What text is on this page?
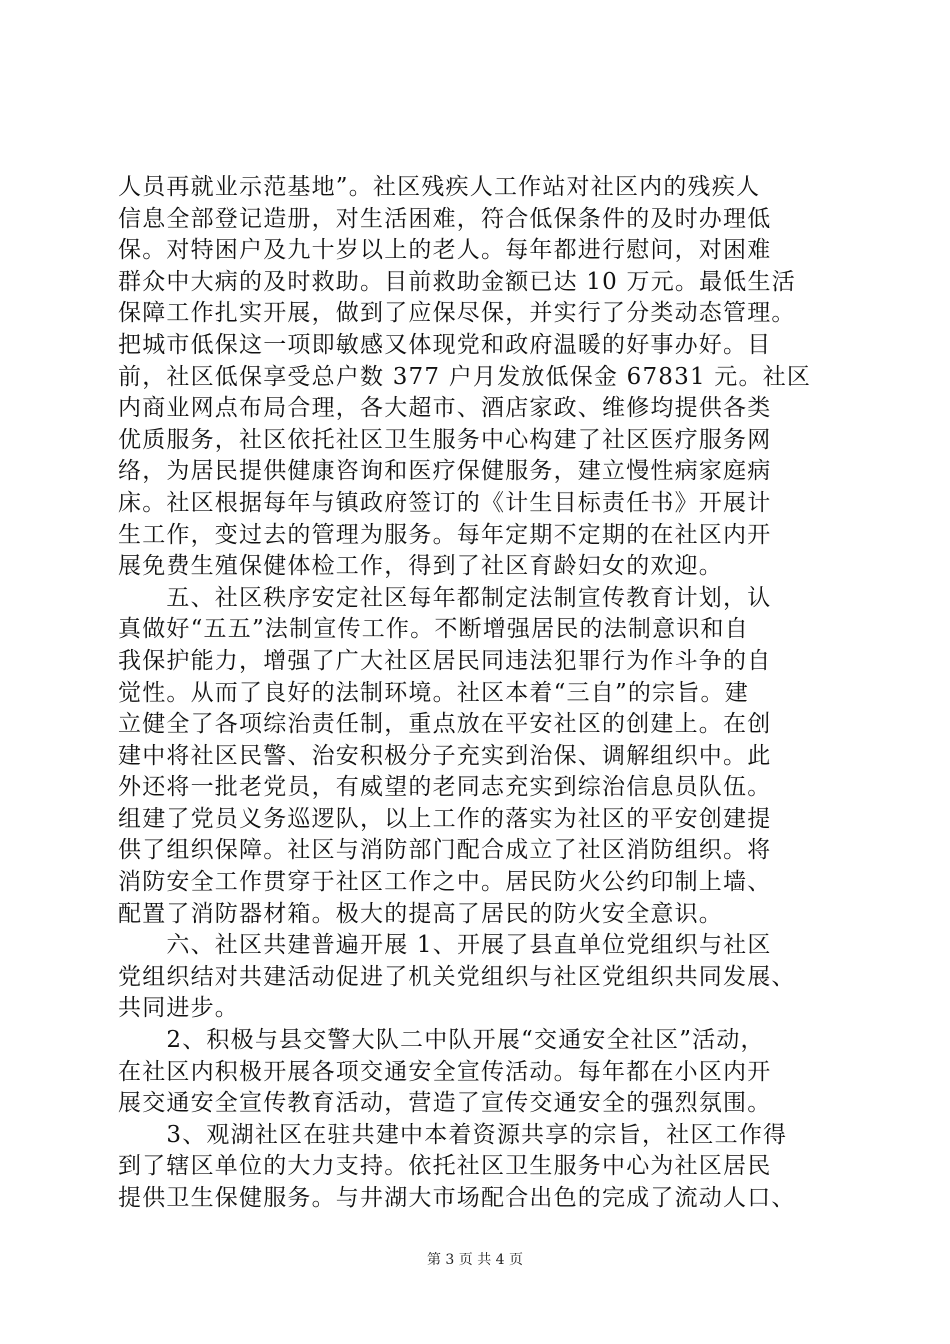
人员再就业示范基地”。社区残疾人工作站对社区内的残疾人
信息全部登记造册，对生活困难，符合低保条件的及时办理低
保。对特困户及九十岁以上的老人。每年都进行慰问，对困难
群众中大病的及时救助。目前救助金额已达 10 万元。最低生活
保障工作扎实开展，做到了应保尽保，并实行了分类动态管理。
把城市低保这一项即敏感又体现党和政府温暖的好事办好。目
前，社区低保享受总户数 377 户月发放低保金 67831 元。社区
内商业网点布局合理，各大超市、酒店家政、维修均提供各类
优质服务，社区依托社区卫生服务中心构建了社区医疗服务网
络，为居民提供健康咨询和医疗保健服务，建立慢性病家庭病
床。社区根据每年与镇政府签订的《计生目标责任书》开展计
生工作，变过去的管理为服务。每年定期不定期的在社区内开
展免费生殖保健体检工作，得到了社区育龄妇女的欢迎。
　　五、社区秩序安定社区每年都制定法制宣传教育计划，认
真做好“五五”法制宣传工作。不断增强居民的法制意识和自
我保护能力，增强了广大社区居民同违法犯罪行为作斗争的自
觉性。从而了良好的法制环境。社区本着“三自”的宗旨。建
立健全了各项综治责任制，重点放在平安社区的创建上。在创
建中将社区民警、治安积极分子充实到治保、调解组织中。此
外还将一批老党员，有威望的老同志充实到综治信息员队伍。
组建了党员义务巡逻队，以上工作的落实为社区的平安创建提
供了组织保障。社区与消防部门配合成立了社区消防组织。将
消防安全工作贯穿于社区工作之中。居民防火公约印制上墙、
配置了消防器材箱。极大的提高了居民的防火安全意识。
　　六、社区共建普遍开展 1、开展了县直单位党组织与社区
党组织结对共建活动促进了机关党组织与社区党组织共同发展、
共同进步。
　　2、积极与县交警大队二中队开展“交通安全社区”活动，
在社区内积极开展各项交通安全宣传活动。每年都在小区内开
展交通安全宣传教育活动，营造了宣传交通安全的强烈氛围。
　　3、观湖社区在驻共建中本着资源共享的宗旨，社区工作得
到了辖区单位的大力支持。依托社区卫生服务中心为社区居民
提供卫生保健服务。与井湖大市场配合出色的完成了流动人口、
第 3 页 共 4 页
